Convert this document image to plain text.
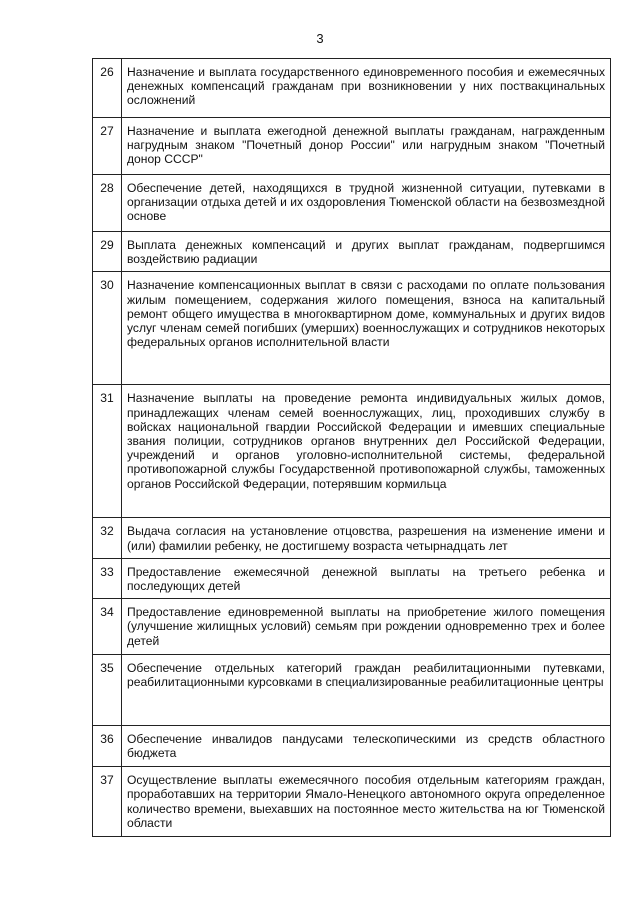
3
26	Назначение и выплата государственного единовременного пособия и ежемесячных денежных компенсаций гражданам при возникновении у них поствакцинальных осложнений
27	Назначение и выплата ежегодной денежной выплаты гражданам, награжденным нагрудным знаком "Почетный донор России" или нагрудным знаком "Почетный донор СССР"
28	Обеспечение детей, находящихся в трудной жизненной ситуации, путевками в организации отдыха детей и их оздоровления Тюменской области на безвозмездной основе
29	Выплата денежных компенсаций и других выплат гражданам, подвергшимся воздействию радиации
30	Назначение компенсационных выплат в связи с расходами по оплате пользования жилым помещением, содержания жилого помещения, взноса на капитальный ремонт общего имущества в многоквартирном доме, коммунальных и других видов услуг членам семей погибших (умерших) военнослужащих и сотрудников некоторых федеральных органов исполнительной власти
31	Назначение выплаты на проведение ремонта индивидуальных жилых домов, принадлежащих членам семей военнослужащих, лиц, проходивших службу в войсках национальной гвардии Российской Федерации и имевших специальные звания полиции, сотрудников органов внутренних дел Российской Федерации, учреждений и органов уголовно-исполнительной системы, федеральной противопожарной службы Государственной противопожарной службы, таможенных органов Российской Федерации, потерявшим кормильца
32	Выдача согласия на установление отцовства, разрешения на изменение имени и (или) фамилии ребенку, не достигшему возраста четырнадцать лет
33	Предоставление ежемесячной денежной выплаты на третьего ребенка и последующих детей
34	Предоставление единовременной выплаты на приобретение жилого помещения (улучшение жилищных условий) семьям при рождении одновременно трех и более детей
35	Обеспечение отдельных категорий граждан реабилитационными путевками, реабилитационными курсовками в специализированные реабилитационные центры
36	Обеспечение инвалидов пандусами телескопическими из средств областного бюджета
37	Осуществление выплаты ежемесячного пособия отдельным категориям граждан, проработавших на территории Ямало-Ненецкого автономного округа определенное количество времени, выехавших на постоянное место жительства на юг Тюменской области
